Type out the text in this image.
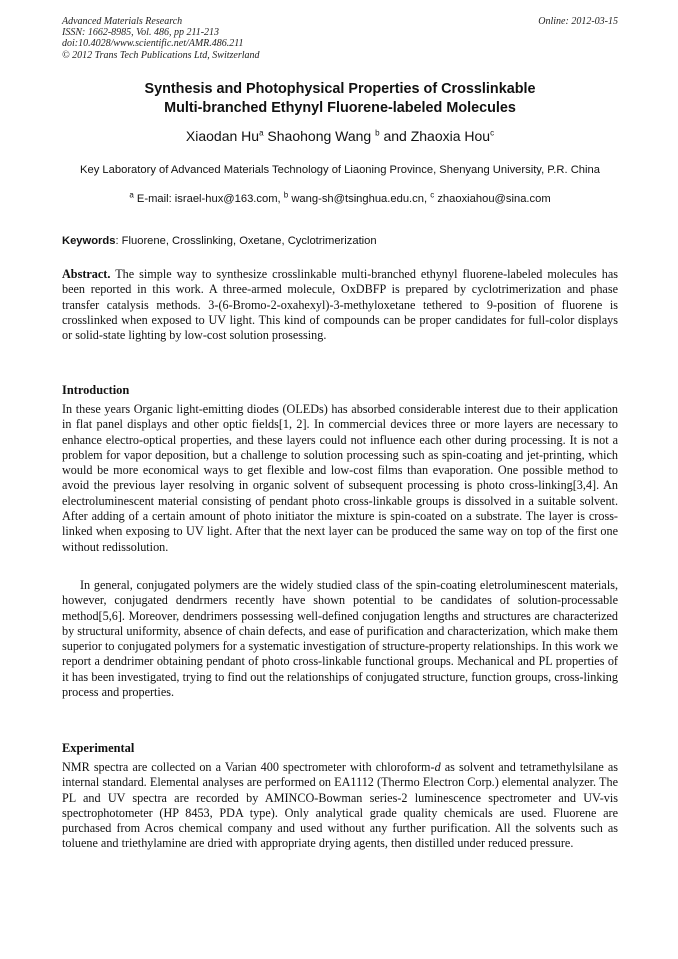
Advanced Materials Research
ISSN: 1662-8985, Vol. 486, pp 211-213
doi:10.4028/www.scientific.net/AMR.486.211
© 2012 Trans Tech Publications Ltd, Switzerland
Online: 2012-03-15
Synthesis and Photophysical Properties of Crosslinkable
Multi-branched Ethynyl Fluorene-labeled Molecules
Xiaodan Hu$^a$ Shaohong Wang $^b$ and Zhaoxia Hou$^c$
Key Laboratory of Advanced Materials Technology of Liaoning Province, Shenyang University, P.R. China
$^a$ E-mail: israel-hux@163.com, $^b$ wang-sh@tsinghua.edu.cn, $^c$ zhaoxiahou@sina.com
Keywords: Fluorene, Crosslinking, Oxetane, Cyclotrimerization
Abstract. The simple way to synthesize crosslinkable multi-branched ethynyl fluorene-labeled molecules has been reported in this work. A three-armed molecule, OxDBFP is prepared by cyclotrimerization and phase transfer catalysis methods. 3-(6-Bromo-2-oxahexyl)-3-methyloxetane tethered to 9-position of fluorene is crosslinked when exposed to UV light. This kind of compounds can be proper candidates for full-color displays or solid-state lighting by low-cost solution prosessing.
Introduction
In these years Organic light-emitting diodes (OLEDs) has absorbed considerable interest due to their application in flat panel displays and other optic fields[1, 2]. In commercial devices three or more layers are necessary to enhance electro-optical properties, and these layers could not influence each other during processing. It is not a problem for vapor deposition, but a challenge to solution processing such as spin-coating and jet-printing, which would be more economical ways to get flexible and low-cost films than evaporation. One possible method to avoid the previous layer resolving in organic solvent of subsequent processing is photo cross-linking[3,4]. An electroluminescent material consisting of pendant photo cross-linkable groups is dissolved in a suitable solvent. After adding of a certain amount of photo initiator the mixture is spin-coated on a substrate. The layer is cross-linked when exposing to UV light. After that the next layer can be produced the same way on top of the first one without redissolution.
In general, conjugated polymers are the widely studied class of the spin-coating eletroluminescent materials, however, conjugated dendrmers recently have shown potential to be candidates of solution-processable method[5,6]. Moreover, dendrimers possessing well-defined conjugation lengths and structures are characterized by structural uniformity, absence of chain defects, and ease of purification and characterization, which make them superior to conjugated polymers for a systematic investigation of structure-property relationships. In this work we report a dendrimer obtaining pendant of photo cross-linkable functional groups. Mechanical and PL properties of it has been investigated, trying to find out the relationships of conjugated structure, function groups, cross-linking process and properties.
Experimental
NMR spectra are collected on a Varian 400 spectrometer with chloroform-d as solvent and tetramethylsilane as internal standard. Elemental analyses are performed on EA1112 (Thermo Electron Corp.) elemental analyzer. The PL and UV spectra are recorded by AMINCO-Bowman series-2 luminescence spectrometer and UV-vis spectrophotometer (HP 8453, PDA type). Only analytical grade quality chemicals are used. Fluorene are purchased from Acros chemical company and used without any further purification. All the solvents such as toluene and triethylamine are dried with appropriate drying agents, then distilled under reduced pressure.
